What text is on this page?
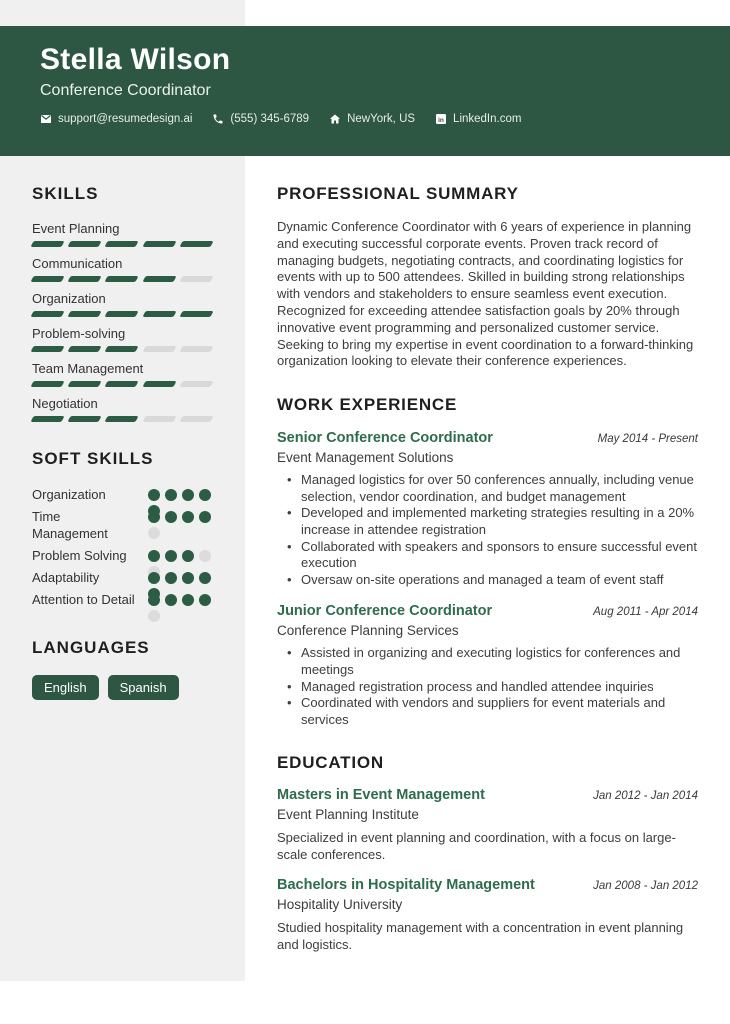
Stella Wilson
Conference Coordinator
support@resumedesign.ai	(555) 345-6789	NewYork, US in LinkedIn.com
SKILLS
Event Planning
Communication
Organization
Problem-solving
Team Management
Negotiation
SOFT SKILLS
Organization
Time Management
Problem Solving
Adaptability
Attention to Detail
LANGUAGES
English	Spanish
PROFESSIONAL SUMMARY

Dynamic Conference Coordinator with 6 years of experience in planning and executing successful corporate events. Proven track record of managing budgets, negotiating contracts, and coordinating logistics for events with up to 500 attendees. Skilled in building strong relationships with vendors and stakeholders to ensure seamless event execution. Recognized for exceeding attendee satisfaction goals by 20% through innovative event programming and personalized customer service. Seeking to bring my expertise in event coordination to a forward-thinking organization looking to elevate their conference experiences.

WORK EXPERIENCE
Senior Conference Coordinator	May 2014 - Present
Event Management Solutions
• Managed logistics for over 50 conferences annually, including venue selection, vendor coordination, and budget management
• Developed and implemented marketing strategies resulting in a 20% increase in attendee registration
• Collaborated with speakers and sponsors to ensure successful event execution
• Oversaw on-site operations and managed a team of event staff
Junior Conference Coordinator	Aug 2011 - Apr 2014
Conference Planning Services
• Assisted in organizing and executing logistics for conferences and meetings
• Managed registration process and handled attendee inquiries
• Coordinated with vendors and suppliers for event materials and services
EDUCATION
Masters in Event Management	Jan 2012 - Jan 2014
Event Planning Institute

Specialized in event planning and coordination, with a focus on large-scale conferences.

Bachelors in Hospitality Management	Jan 2008 - Jan 2012
Hospitality University

Studied hospitality management with a concentration in event planning and logistics.
